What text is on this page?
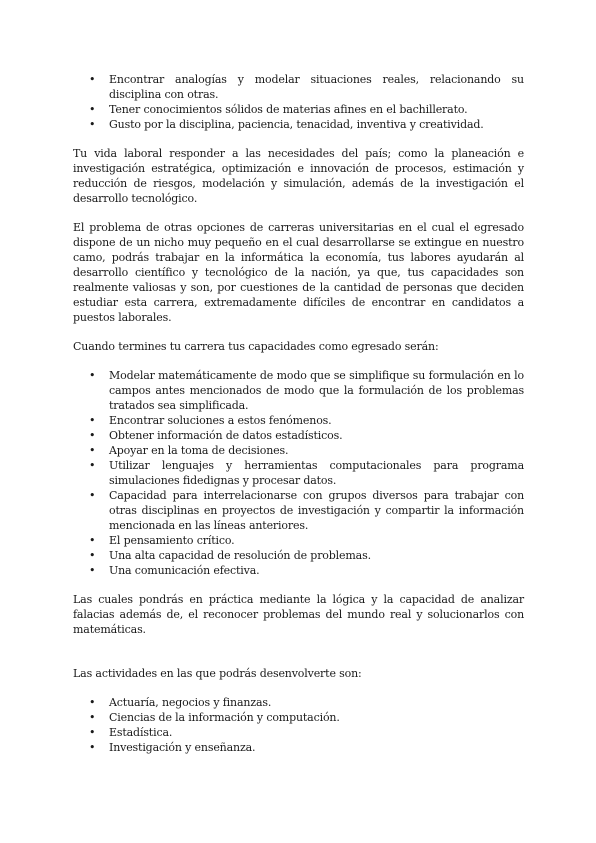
• Encontrar analogías y modelar situaciones reales, relacionando su disciplina con otras.
• Tener conocimientos sólidos de materias afines en el bachillerato.
• Gusto por la disciplina, paciencia, tenacidad, inventiva y creatividad.

Tu vida laboral responder a las necesidades del país; como la planeación e investigación estratégica, optimización e innovación de procesos, estimación y reducción de riesgos, modelación y simulación, además de la investigación el desarrollo tecnológico.

El problema de otras opciones de carreras universitarias en el cual el egresado dispone de un nicho muy pequeño en el cual desarrollarse se extingue en nuestro camo, podrás trabajar en la informática la economía, tus labores ayudarán al desarrollo científico y tecnológico de la nación, ya que, tus capacidades son realmente valiosas y son, por cuestiones de la cantidad de personas que deciden estudiar esta carrera, extremadamente difíciles de encontrar en candidatos a puestos laborales.

Cuando termines tu carrera tus capacidades como egresado serán:

• Modelar matemáticamente de modo que se simplifique su formulación en lo campos antes mencionados de modo que la formulación de los problemas tratados sea simplificada.
• Encontrar soluciones a estos fenómenos.
• Obtener información de datos estadísticos.
• Apoyar en la toma de decisiones.
• Utilizar lenguajes y herramientas computacionales para programa simulaciones fidedignas y procesar datos.
• Capacidad para interrelacionarse con grupos diversos para trabajar con otras disciplinas en proyectos de investigación y compartir la información mencionada en las líneas anteriores.
• El pensamiento crítico.
• Una alta capacidad de resolución de problemas.
• Una comunicación efectiva.

Las cuales pondrás en práctica mediante la lógica y la capacidad de analizar falacias además de, el reconocer problemas del mundo real y solucionarlos con matemáticas.

Las actividades en las que podrás desenvolverte son:

• Actuaría, negocios y finanzas.
• Ciencias de la información y computación.
• Estadística.
• Investigación y enseñanza.
